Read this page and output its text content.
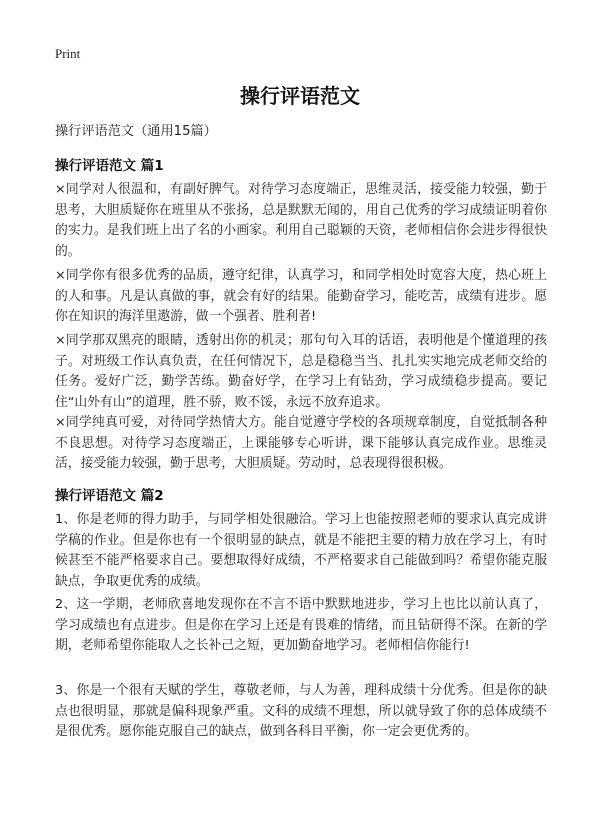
Print
操行评语范文
操行评语范文（通用15篇）
操行评语范文 篇1
×同学对人很温和，有副好脾气。对待学习态度端正，思维灵活，接受能力较强，勤于思考，大胆质疑你在班里从不张扬，总是默默无闻的，用自己优秀的学习成绩证明着你的实力。是我们班上出了名的小画家。利用自己聪颖的天资，老师相信你会进步得很快的。
×同学你有很多优秀的品质，遵守纪律，认真学习，和同学相处时宽容大度，热心班上的人和事。凡是认真做的事，就会有好的结果。能勤奋学习，能吃苦，成绩有进步。愿你在知识的海洋里遨游，做一个强者、胜利者!
×同学那双黑亮的眼睛，透射出你的机灵；那句句入耳的话语，表明他是个懂道理的孩子。对班级工作认真负责，在任何情况下，总是稳稳当当、扎扎实实地完成老师交给的任务。爱好广泛，勤学苦练。勤奋好学，在学习上有钻劲，学习成绩稳步提高。要记住“山外有山”的道理，胜不骄，败不馁，永远不放弃追求。
×同学纯真可爱，对待同学热情大方。能自觉遵守学校的各项规章制度，自觉抵制各种不良思想。对待学习态度端正，上课能够专心听讲，课下能够认真完成作业。思维灵活，接受能力较强，勤于思考，大胆质疑。劳动时，总表现得很积极。
操行评语范文 篇2
1、你是老师的得力助手，与同学相处很融洽。学习上也能按照老师的要求认真完成讲学稿的作业。但是你也有一个很明显的缺点，就是不能把主要的精力放在学习上，有时候甚至不能严格要求自己。要想取得好成绩，不严格要求自己能做到吗？希望你能克服缺点，争取更优秀的成绩。
2、这一学期，老师欣喜地发现你在不言不语中默默地进步，学习上也比以前认真了，学习成绩也有点进步。但是你在学习上还是有畏难的情绪，而且钻研得不深。在新的学期，老师希望你能取人之长补己之短，更加勤奋地学习。老师相信你能行!
3、你是一个很有天赋的学生，尊敬老师，与人为善，理科成绩十分优秀。但是你的缺点也很明显，那就是偏科现象严重。文科的成绩不理想，所以就导致了你的总体成绩不是很优秀。愿你能克服自己的缺点，做到各科目平衡，你一定会更优秀的。
